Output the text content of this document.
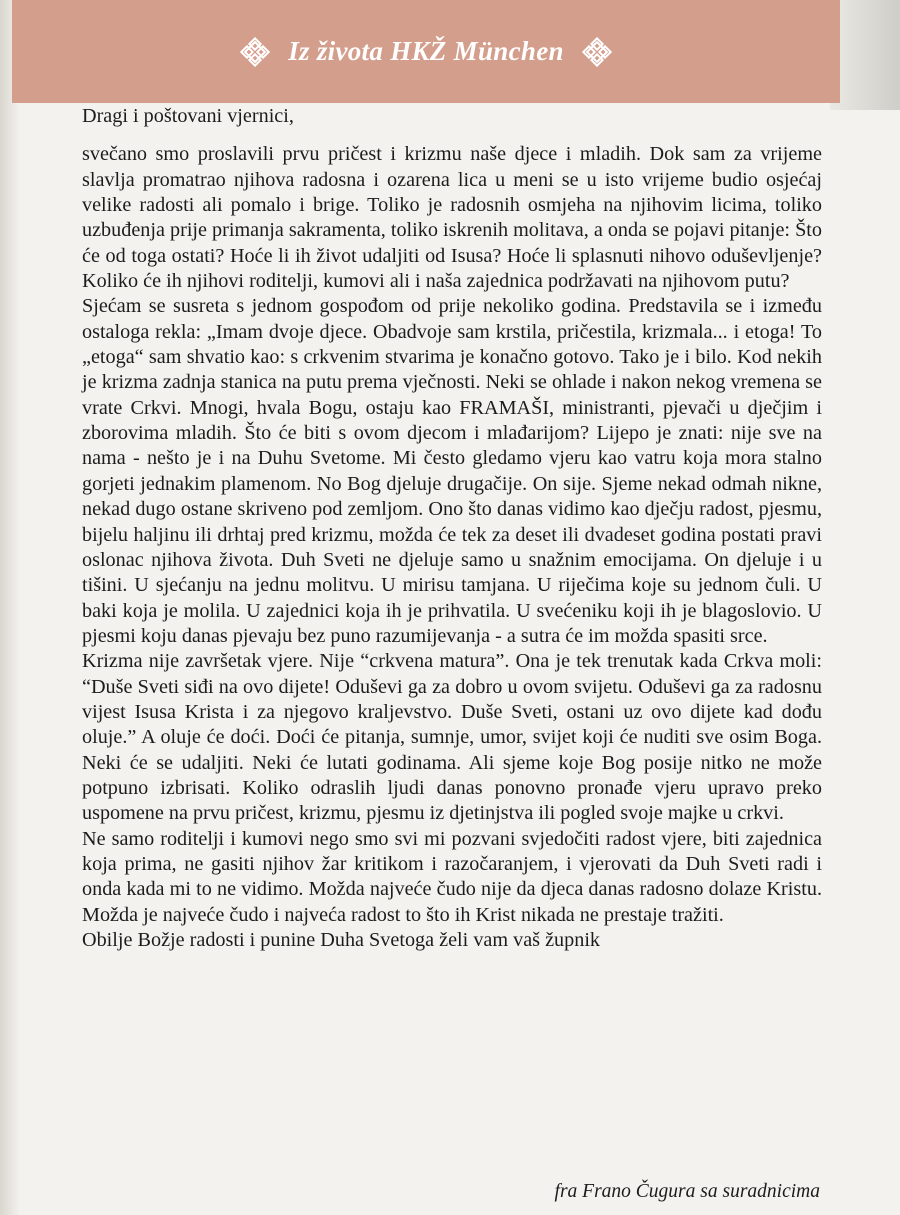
Iz života HKŽ München

Dragi i poštovani vjernici,

svečano smo proslavili prvu pričest i krizmu naše djece i mladih. Dok sam za vrijeme slavlja promatrao njihova radosna i ozarena lica u meni se u isto vrijeme budio osjećaj velike radosti ali pomalo i brige. Toliko je radosnih osmjeha na njihovim licima, toliko uzbuđenja prije primanja sakramenta, toliko iskrenih molitava, a onda se pojavi pitanje: Što će od toga ostati? Hoće li ih život udaljiti od Isusa? Hoće li splasnuti nihovo oduševljenje? Koliko će ih njihovi roditelji, kumovi ali i naša zajednica podržavati na njihovom putu?

Sjećam se susreta s jednom gospođom od prije nekoliko godina. Predstavila se i između ostaloga rekla: „Imam dvoje djece. Obadvoje sam krstila, pričestila, krizmala... i etoga! To „etoga“ sam shvatio kao: s crkvenim stvarima je konačno gotovo. Tako je i bilo. Kod nekih je krizma zadnja stanica na putu prema vječnosti. Neki se ohlade i nakon nekog vremena se vrate Crkvi. Mnogi, hvala Bogu, ostaju kao FRAMAŠI, ministranti, pjevači u dječjim i zborovima mladih. Što će biti s ovom djecom i mlađarijom? Lijepo je znati: nije sve na nama - nešto je i na Duhu Svetome. Mi često gledamo vjeru kao vatru koja mora stalno gorjeti jednakim plamenom. No Bog djeluje drugačije. On sije. Sjeme nekad odmah nikne, nekad dugo ostane skriveno pod zemljom. Ono što danas vidimo kao dječju radost, pjesmu, bijelu haljinu ili drhtaj pred krizmu, možda će tek za deset ili dvadeset godina postati pravi oslonac njihova života. Duh Sveti ne djeluje samo u snažnim emocijama. On djeluje i u tišini. U sjećanju na jednu molitvu. U mirisu tamjana. U riječima koje su jednom čuli. U baki koja je molila. U zajednici koja ih je prihvatila. U svećeniku koji ih je blagoslovio. U pjesmi koju danas pjevaju bez puno razumijevanja - a sutra će im možda spasiti srce.

Krizma nije završetak vjere. Nije “crkvena matura”. Ona je tek trenutak kada Crkva moli: “Duše Sveti siđi na ovo dijete! Oduševi ga za dobro u ovom svijetu. Oduševi ga za radosnu vijest Isusa Krista i za njegovo kraljevstvo. Duše Sveti, ostani uz ovo dijete kad dođu oluje.” A oluje će doći. Doći će pitanja, sumnje, umor, svijet koji će nuditi sve osim Boga. Neki će se udaljiti. Neki će lutati godinama. Ali sjeme koje Bog posije nitko ne može potpuno izbrisati. Koliko odraslih ljudi danas ponovno pronađe vjeru upravo preko uspomene na prvu pričest, krizmu, pjesmu iz djetinjstva ili pogled svoje majke u crkvi.

Ne samo roditelji i kumovi nego smo svi mi pozvani svjedočiti radost vjere, biti zajednica koja prima, ne gasiti njihov žar kritikom i razočaranjem, i vjerovati da Duh Sveti radi i onda kada mi to ne vidimo. Možda najveće čudo nije da djeca danas radosno dolaze Kristu. Možda je najveće čudo i najveća radost to što ih Krist nikada ne prestaje tražiti.

Obilje Božje radosti i punine Duha Svetoga želi vam vaš župnik

fra Frano Čugura sa suradnicima
